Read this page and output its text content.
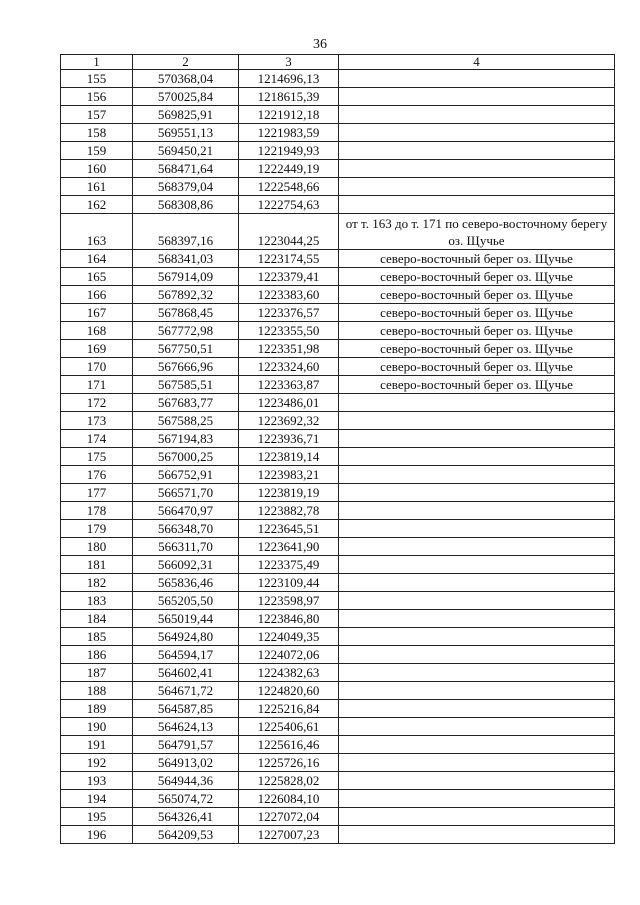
36
1	2	3	4
155	570368,04	1214696,13	
156	570025,84	1218615,39	
157	569825,91	1221912,18	
158	569551,13	1221983,59	
159	569450,21	1221949,93	
160	568471,64	1222449,19	
161	568379,04	1222548,66	
162	568308,86	1222754,63	
163	568397,16	1223044,25	от т. 163 до т. 171 по северо-восточному берегу оз. Щучье
164	568341,03	1223174,55	северо-восточный берег оз. Щучье
165	567914,09	1223379,41	северо-восточный берег оз. Щучье
166	567892,32	1223383,60	северо-восточный берег оз. Щучье
167	567868,45	1223376,57	северо-восточный берег оз. Щучье
168	567772,98	1223355,50	северо-восточный берег оз. Щучье
169	567750,51	1223351,98	северо-восточный берег оз. Щучье
170	567666,96	1223324,60	северо-восточный берег оз. Щучье
171	567585,51	1223363,87	северо-восточный берег оз. Щучье
172	567683,77	1223486,01	
173	567588,25	1223692,32	
174	567194,83	1223936,71	
175	567000,25	1223819,14	
176	566752,91	1223983,21	
177	566571,70	1223819,19	
178	566470,97	1223882,78	
179	566348,70	1223645,51	
180	566311,70	1223641,90	
181	566092,31	1223375,49	
182	565836,46	1223109,44	
183	565205,50	1223598,97	
184	565019,44	1223846,80	
185	564924,80	1224049,35	
186	564594,17	1224072,06	
187	564602,41	1224382,63	
188	564671,72	1224820,60	
189	564587,85	1225216,84	
190	564624,13	1225406,61	
191	564791,57	1225616,46	
192	564913,02	1225726,16	
193	564944,36	1225828,02	
194	565074,72	1226084,10	
195	564326,41	1227072,04	
196	564209,53	1227007,23	
